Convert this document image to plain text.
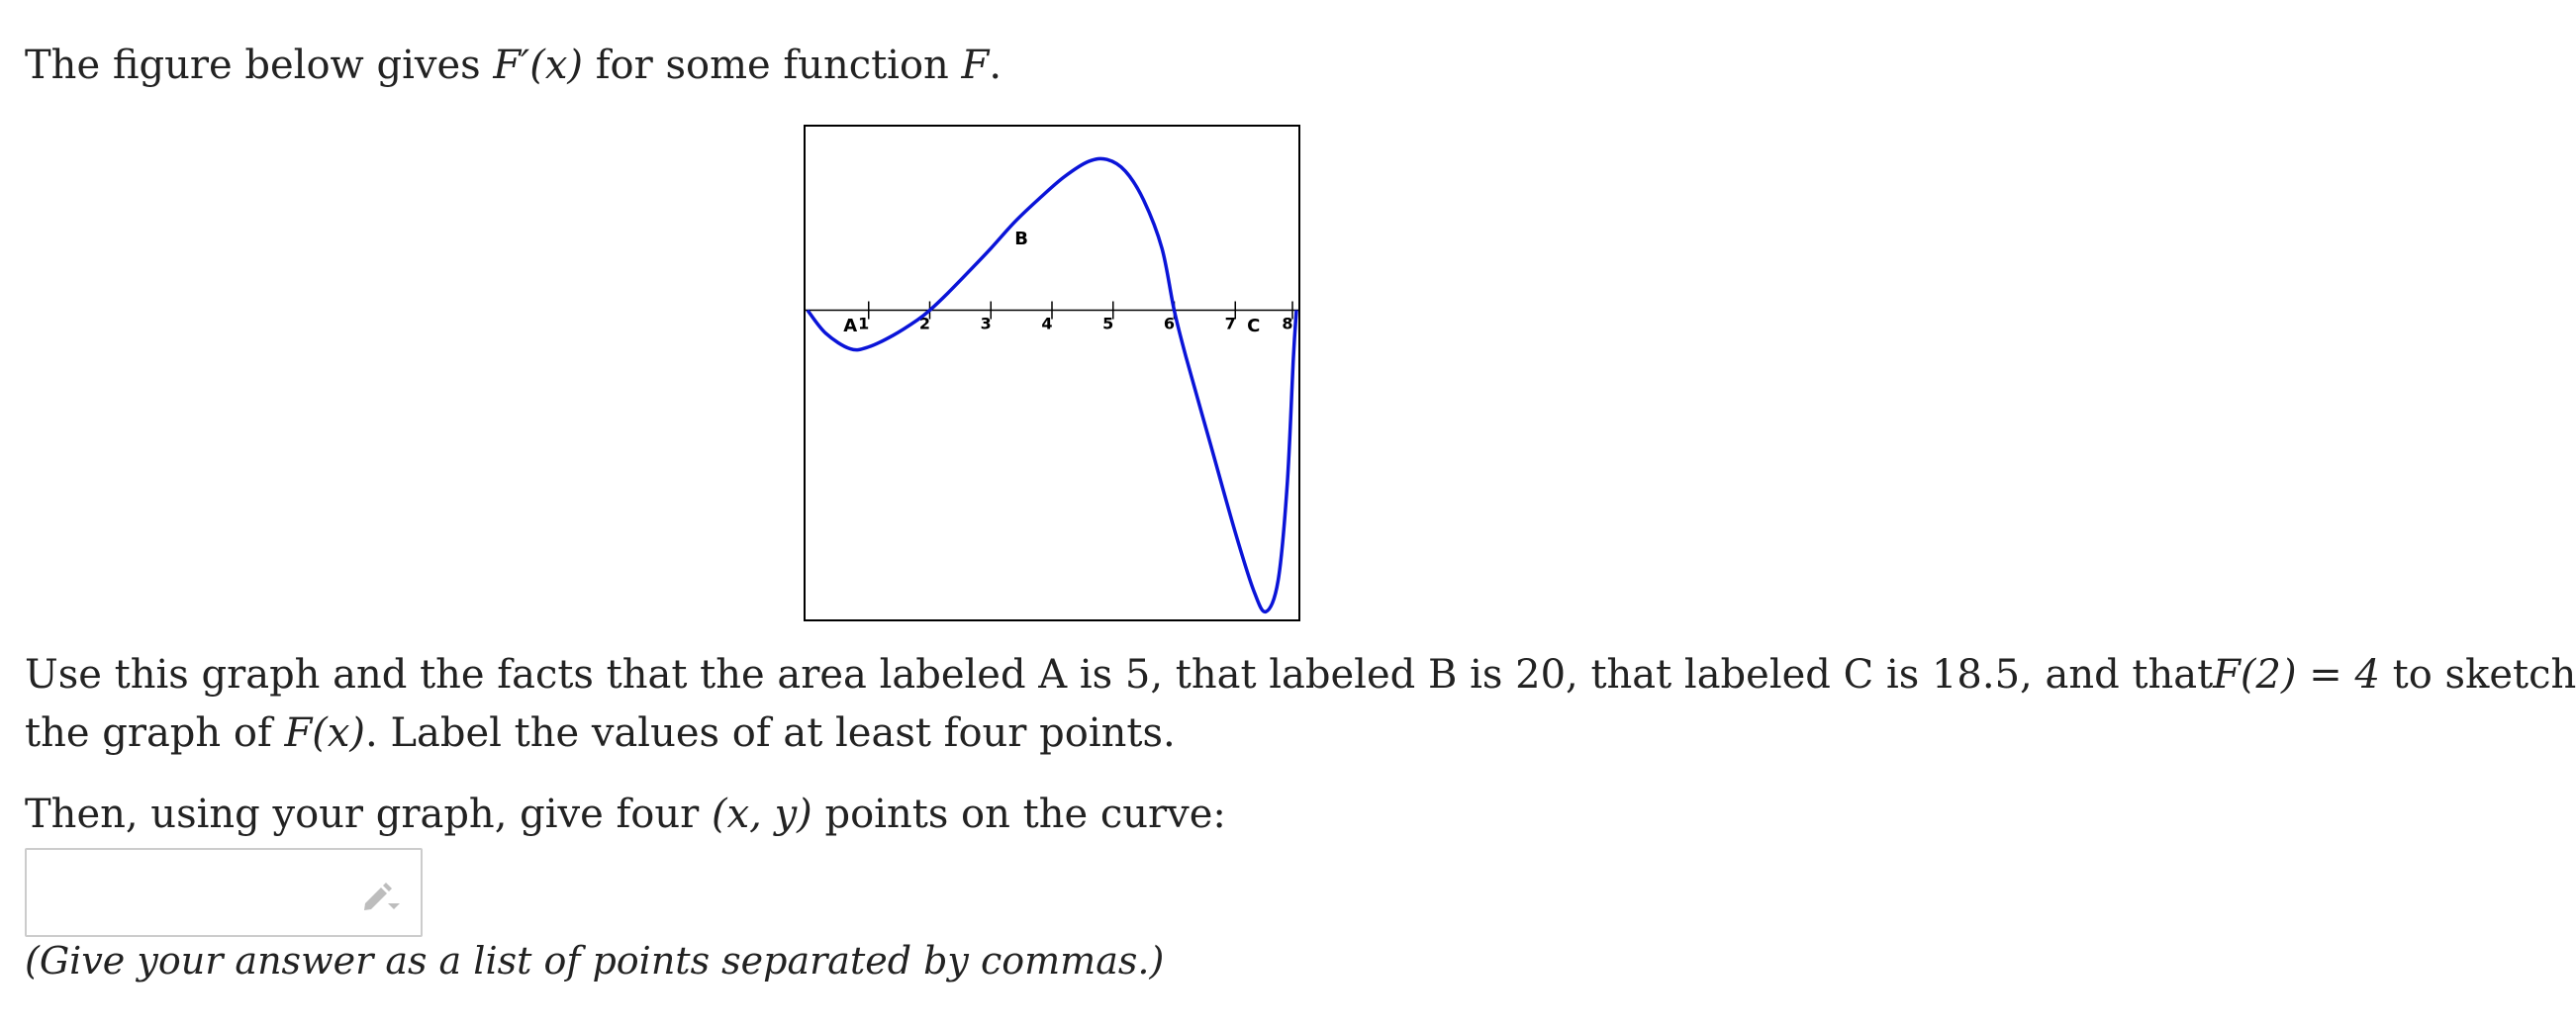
The figure below gives F′(x) for some function F.

1	2	3	4	5	6	7	8
A
B
C

Use this graph and the facts that the area labeled A is 5, that labeled B is 20, that labeled C is 18.5, and thatF(2) = 4 to sketch

the graph of F(x). Label the values of at least four points.

Then, using your graph, give four (x, y) points on the curve:

(Give your answer as a list of points separated by commas.)
